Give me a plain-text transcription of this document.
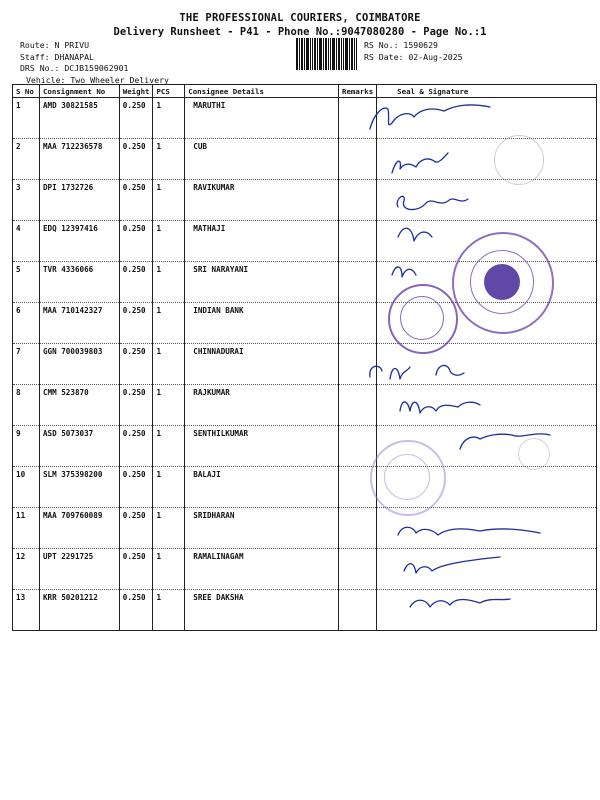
THE PROFESSIONAL COURIERS, COIMBATORE
Delivery Runsheet - P41 - Phone No.:9047080280 - Page No.:1
Route: N PRIVU
Staff: DHANAPAL
DRS No.: DCJB159062901
Vehicle: Two Wheeler Delivery
RS No.: 1590629
RS Date: 02-Aug-2025
S No	Consignment No	Weight	PCS	Consignee Details	Remarks	Seal & Signature
1	AMD 30821585	0.250	1	MARUTHI		
2	MAA 712236578	0.250	1	CUB		
3	DPI 1732726	0.250	1	RAVIKUMAR		
4	EDQ 12397416	0.250	1	MATHAJI		
5	TVR 4336066	0.250	1	SRI NARAYANI		
6	MAA 710142327	0.250	1	INDIAN BANK		
7	GGN 700039803	0.250	1	CHINNADURAI		
8	CMM 523870	0.250	1	RAJKUMAR		
9	ASD 5073037	0.250	1	SENTHILKUMAR		
10	SLM 375398200	0.250	1	BALAJI		
11	MAA 709760089	0.250	1	SRIDHARAN		
12	UPT 2291725	0.250	1	RAMALINAGAM		
13	KRR 50201212	0.250	1	SREE DAKSHA		
